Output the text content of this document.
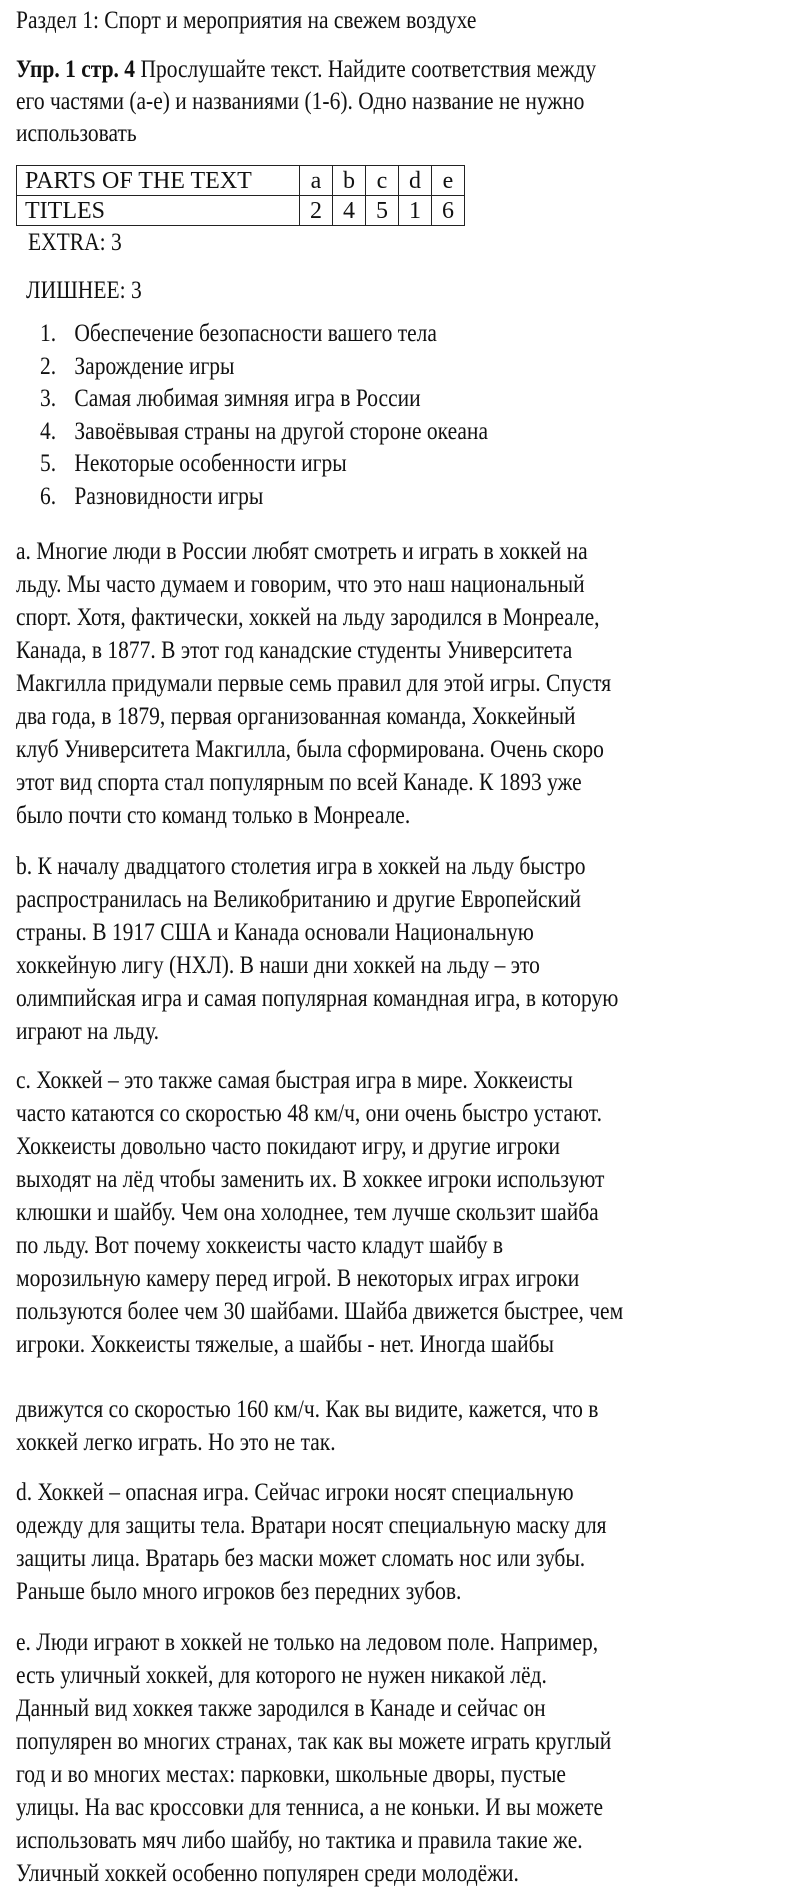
Раздел 1: Спорт и мероприятия на свежем воздухе
Упр. 1 стр. 4 Прослушайте текст. Найдите соответствия между
его частями (a-e) и названиями (1-6). Одно название не нужно
использовать
PARTS OF THE TEXT	a	b	c	d	e
TITLES	2	4	5	1	6
EXTRA: 3
ЛИШНЕЕ: 3
1. Обеспечение безопасности вашего тела
2. Зарождение игры
3. Самая любимая зимняя игра в России
4. Завоёвывая страны на другой стороне океана
5. Некоторые особенности игры
6. Разновидности игры
a. Многие люди в России любят смотреть и играть в хоккей на
льду. Мы часто думаем и говорим, что это наш национальный
спорт. Хотя, фактически, хоккей на льду зародился в Монреале,
Канада, в 1877. В этот год канадские студенты Университета
Макгилла придумали первые семь правил для этой игры. Спустя
два года, в 1879, первая организованная команда, Хоккейный
клуб Университета Макгилла, была сформирована. Очень скоро
этот вид спорта стал популярным по всей Канаде. К 1893 уже
было почти сто команд только в Монреале.
b. К началу двадцатого столетия игра в хоккей на льду быстро
распространилась на Великобританию и другие Европейский
страны. В 1917 США и Канада основали Национальную
хоккейную лигу (НХЛ). В наши дни хоккей на льду – это
олимпийская игра и самая популярная командная игра, в которую
играют на льду.
c. Хоккей – это также самая быстрая игра в мире. Хоккеисты
часто катаются со скоростью 48 км/ч, они очень быстро устают.
Хоккеисты довольно часто покидают игру, и другие игроки
выходят на лёд чтобы заменить их. В хоккее игроки используют
клюшки и шайбу. Чем она холоднее, тем лучше скользит шайба
по льду. Вот почему хоккеисты часто кладут шайбу в
морозильную камеру перед игрой. В некоторых играх игроки
пользуются более чем 30 шайбами. Шайба движется быстрее, чем
игроки. Хоккеисты тяжелые, а шайбы - нет. Иногда шайбы
движутся со скоростью 160 км/ч. Как вы видите, кажется, что в
хоккей легко играть. Но это не так.
d. Хоккей – опасная игра. Сейчас игроки носят специальную
одежду для защиты тела. Вратари носят специальную маску для
защиты лица. Вратарь без маски может сломать нос или зубы.
Раньше было много игроков без передних зубов.
e. Люди играют в хоккей не только на ледовом поле. Например,
есть уличный хоккей, для которого не нужен никакой лёд.
Данный вид хоккея также зародился в Канаде и сейчас он
популярен во многих странах, так как вы можете играть круглый
год и во многих местах: парковки, школьные дворы, пустые
улицы. На вас кроссовки для тенниса, а не коньки. И вы можете
использовать мяч либо шайбу, но тактика и правила такие же.
Уличный хоккей особенно популярен среди молодёжи.
